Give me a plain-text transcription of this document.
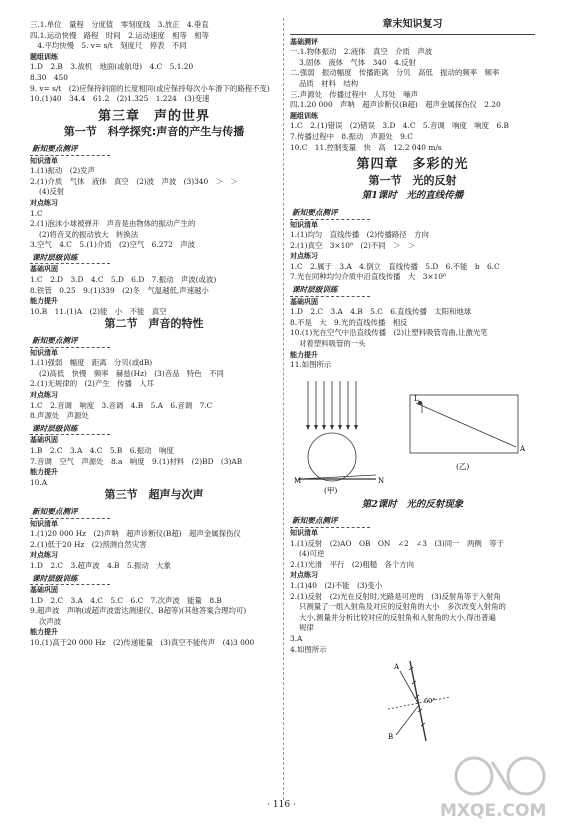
三.1.单位　量程　分度值　零刻度线　3.放正　4.垂直
四.1.运动快慢　路程　时间　2.运动速度　相等　相等
　4.平均快慢　5. v= s/t　刻度尺　停表　不同
题组训练
1.D　2.B　3.战机　地面(或航母)　4.C　5.1.20
8.30　450
9. v= s/t　(2)应保持斜面的长度相同(或应保持每次小车滑下的路程不变)
10.(1)40　34.4　61.2　(2)1.325　1.224　(3)变速
第三章　声的世界
第一节　科学探究:声音的产生与传播
新知要点测评
知识清单
1.(1)振动　(2)发声
2.(1)介质　气体　液体　真空　(2)波　声波　(3)340　＞　＞
(4)反射
对点练习
1.C
2.(1)泡沫小球被弹开　声音是由物体的振动产生的
(2)将音叉的振动放大　转换法
3.空气　4.C　5.(1)介质　(2)空气　6.272　声波
课时层级训练
基础巩固
1.C　2.D　3.D　4.C　5.D　6.D　7.振动　声波(或波)
8.铁管　0.25　9.(1)339　(2)冬　气温越低,声速越小
能力提升
10.B　11.(1)A　(2)能　小　不能　真空
第二节　声音的特性
新知要点测评
知识清单
1.(1)强弱　幅度　距离　分贝(或dB)
(2)高低　快慢　频率　赫兹(Hz)　(3)音品　特色　不同
2.(1)无规律的　(2)产生　传播　人耳
对点练习
1.C　2.音调　响度　3.音调　4.B　5.A　6.音调　7.C
8.声源处　声源处
课时层级训练
基础巩固
1.B　2.C　3.A　4.C　5.B　6.振动　响度
7.音调　空气　声源处　8.a　响度　9.(1)材料　(2)BD　(3)AB
能力提升
10.A
第三节　超声与次声
新知要点测评
知识清单
1.(1)20 000 Hz　(2)声呐　超声诊断仪(B超)　超声金属探伤仪
2.(1)低于20 Hz　(2)预测自然灾害
对点练习
1.D　2.C　3.超声波　4.B　5.振动　大象
课时层级训练
基础巩固
1.D　2.C　3.A　4.C　5.C　6.C　7.次声波　能量　8.B
9.超声波　声呐(或超声波雷达测速仪、B超等)(其他答案合理均可)
次声波
能力提升
10.(1)高于20 000 Hz　(2)传递能量　(3)真空不能传声　(4)3 000
章末知识复习
基础测评
一.1.物体振动　2.液体　真空　介质　声波
3.固体　液体　气体　340　4.反射
二.强弱　振动幅度　传播距离　分贝　高低　振动的频率　频率
品质　材料　结构
三.声源处　传播过程中　人耳处　噪声　
四.1.20 000　声呐　超声诊断仪(B超)　超声金属探伤仪　2.20
题组训练
1.C　2.(1)错误　(2)错误　3.D　4.C　5.音调　响度　响度　6.B
7.传播过程中　8.振动　声源处　9.C
10.C　11.控制变量　快　高　12.2 040 m/s
第四章　多彩的光
第一节　光的反射
第1课时　光的直线传播
新知要点测评
知识清单
1.(1)均匀　直线传播　(2)传播路径　方向
2.(1)真空　3×10⁸　(2)不同　＞　＞
对点练习
1.C　2.属于　3.A　4.倒立　直线传播　5.D　6.不能　b　6.C
7.光在同种均匀介质中沿直线传播　大　3×10⁸
课时层级训练
基础巩固
1.D　2.C　3.A　4.B　5.C　6.直线传播　太阳和地球
8.不是　大　9.光的直线传播　相反
10.(1)光在空气中沿直线传播　(2)让塑料吸管弯曲,让激光笔
对着塑料吸管的一头
能力提升
11.如图所示
M	N
L
A
(甲)
(乙)
第2课时　光的反射现象
新知要点测评
知识清单
1.(1)反射　(2)AO　OB　ON　∠2　∠3　(3)同一　两侧　等于
(4)可逆
2.(1)光滑　平行　(2)粗糙　各个方向
对点练习
1.(1)40　(2)不能　(3)变小
2.(1)反射　(2)光在反射时,光路是可逆的　(3)反射角等于入射角
只测量了一组入射角及对应的反射角的大小　多次改变入射角的
大小,测量并分析比较对应的反射角和入射角的大小,得出普遍
规律
3.A
4.如图所示
A
B
60°
· 116 ·	MXQE.COM
